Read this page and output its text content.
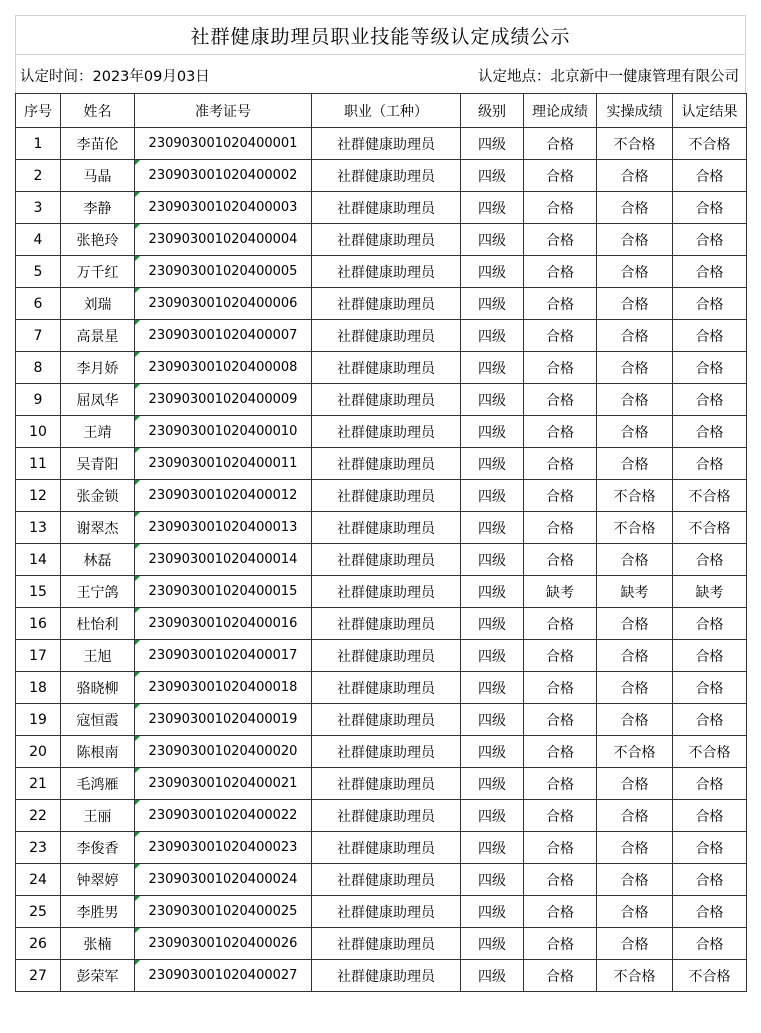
社群健康助理员职业技能等级认定成绩公示
认定时间：2023年09月03日	认定地点：北京新中一健康管理有限公司
序号	姓名	准考证号	职业（工种）	级别	理论成绩	实操成绩	认定结果
1	李苗伦	230903001020400001	社群健康助理员	四级	合格	不合格	不合格
2	马晶	230903001020400002	社群健康助理员	四级	合格	合格	合格
3	李静	230903001020400003	社群健康助理员	四级	合格	合格	合格
4	张艳玲	230903001020400004	社群健康助理员	四级	合格	合格	合格
5	万千红	230903001020400005	社群健康助理员	四级	合格	合格	合格
6	刘瑞	230903001020400006	社群健康助理员	四级	合格	合格	合格
7	高景星	230903001020400007	社群健康助理员	四级	合格	合格	合格
8	李月娇	230903001020400008	社群健康助理员	四级	合格	合格	合格
9	屈凤华	230903001020400009	社群健康助理员	四级	合格	合格	合格
10	王靖	230903001020400010	社群健康助理员	四级	合格	合格	合格
11	吴青阳	230903001020400011	社群健康助理员	四级	合格	合格	合格
12	张金锁	230903001020400012	社群健康助理员	四级	合格	不合格	不合格
13	谢翠杰	230903001020400013	社群健康助理员	四级	合格	不合格	不合格
14	林磊	230903001020400014	社群健康助理员	四级	合格	合格	合格
15	王宁鸽	230903001020400015	社群健康助理员	四级	缺考	缺考	缺考
16	杜怡利	230903001020400016	社群健康助理员	四级	合格	合格	合格
17	王旭	230903001020400017	社群健康助理员	四级	合格	合格	合格
18	骆晓柳	230903001020400018	社群健康助理员	四级	合格	合格	合格
19	寇恒霞	230903001020400019	社群健康助理员	四级	合格	合格	合格
20	陈根南	230903001020400020	社群健康助理员	四级	合格	不合格	不合格
21	毛鸿雁	230903001020400021	社群健康助理员	四级	合格	合格	合格
22	王丽	230903001020400022	社群健康助理员	四级	合格	合格	合格
23	李俊香	230903001020400023	社群健康助理员	四级	合格	合格	合格
24	钟翠婷	230903001020400024	社群健康助理员	四级	合格	合格	合格
25	李胜男	230903001020400025	社群健康助理员	四级	合格	合格	合格
26	张楠	230903001020400026	社群健康助理员	四级	合格	合格	合格
27	彭荣军	230903001020400027	社群健康助理员	四级	合格	不合格	不合格
